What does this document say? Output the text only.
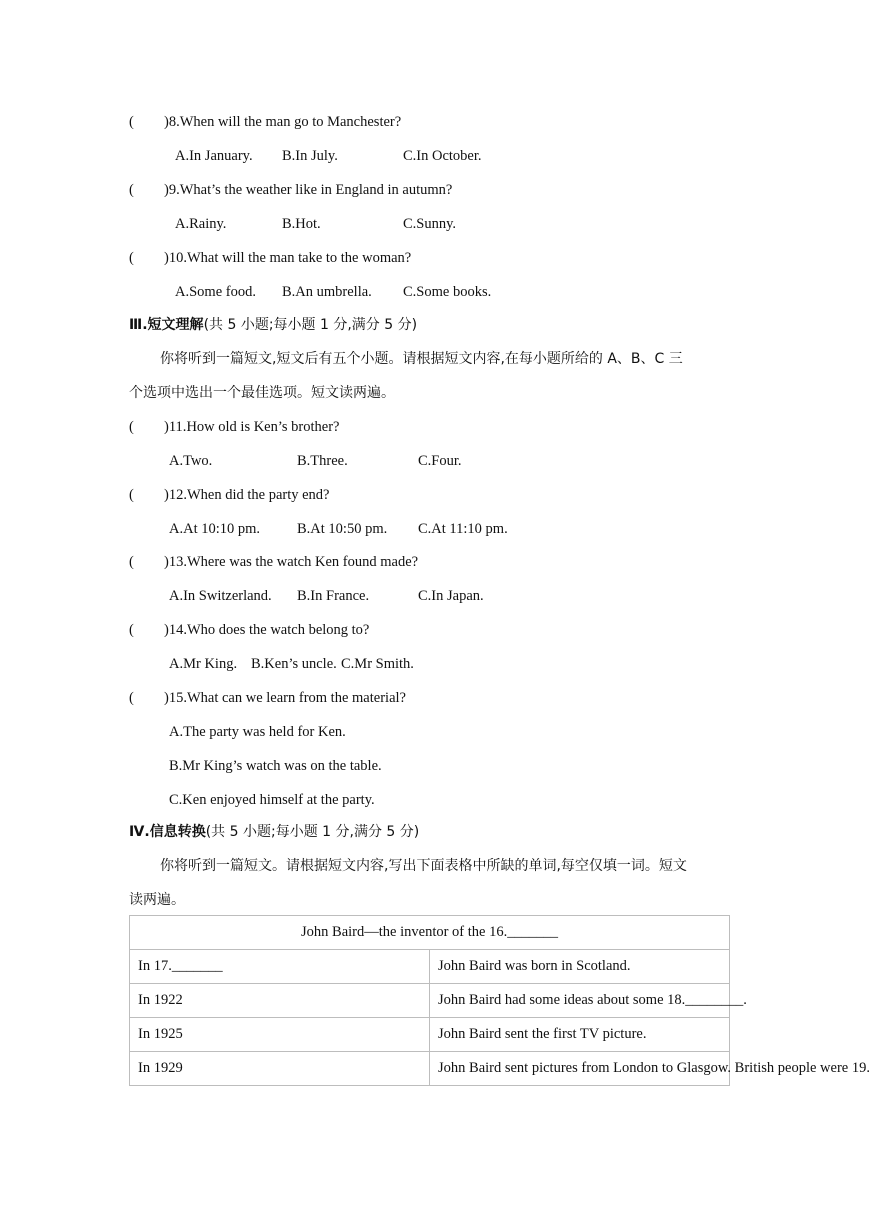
( )8.When will the man go to Manchester?
A.In January. B.In July.	C.In October.
( )9.What’s the weather like in England in autumn?
A.Rainy.	B.Hot.	C.Sunny.
( )10.What will the man take to the woman?
A.Some food. B.An umbrella. C.Some books.
Ⅲ.短文理解(共 5 小题;每小题 1 分,满分 5 分)
你将听到一篇短文,短文后有五个小题。请根据短文内容,在每小题所给的 A、B、C 三
个选项中选出一个最佳选项。短文读两遍。
( )11.How old is Ken’s brother?
A.Two.	B.Three.	C.Four.
( )12.When did the party end?
A.At 10:10 pm.	B.At 10:50 pm. C.At 11:10 pm.
( )13.Where was the watch Ken found made?
A.In Switzerland. B.In France.	C.In Japan.
( )14.Who does the watch belong to?
A.Mr King. B.Ken’s uncle. C.Mr Smith.
( )15.What can we learn from the material?
A.The party was held for Ken.
B.Mr King’s watch was on the table.
C.Ken enjoyed himself at the party.
Ⅳ.信息转换(共 5 小题;每小题 1 分,满分 5 分)
你将听到一篇短文。请根据短文内容,写出下面表格中所缺的单词,每空仅填一词。短文
读两遍。
John Baird—the inventor of the 16._______	
In 17._______	John Baird was born in Scotland.
In 1922	John Baird had some ideas about some 18.________.
In 1925	John Baird sent the first TV picture.
In 1929	John Baird sent pictures from London to Glasgow. British people were 19.
